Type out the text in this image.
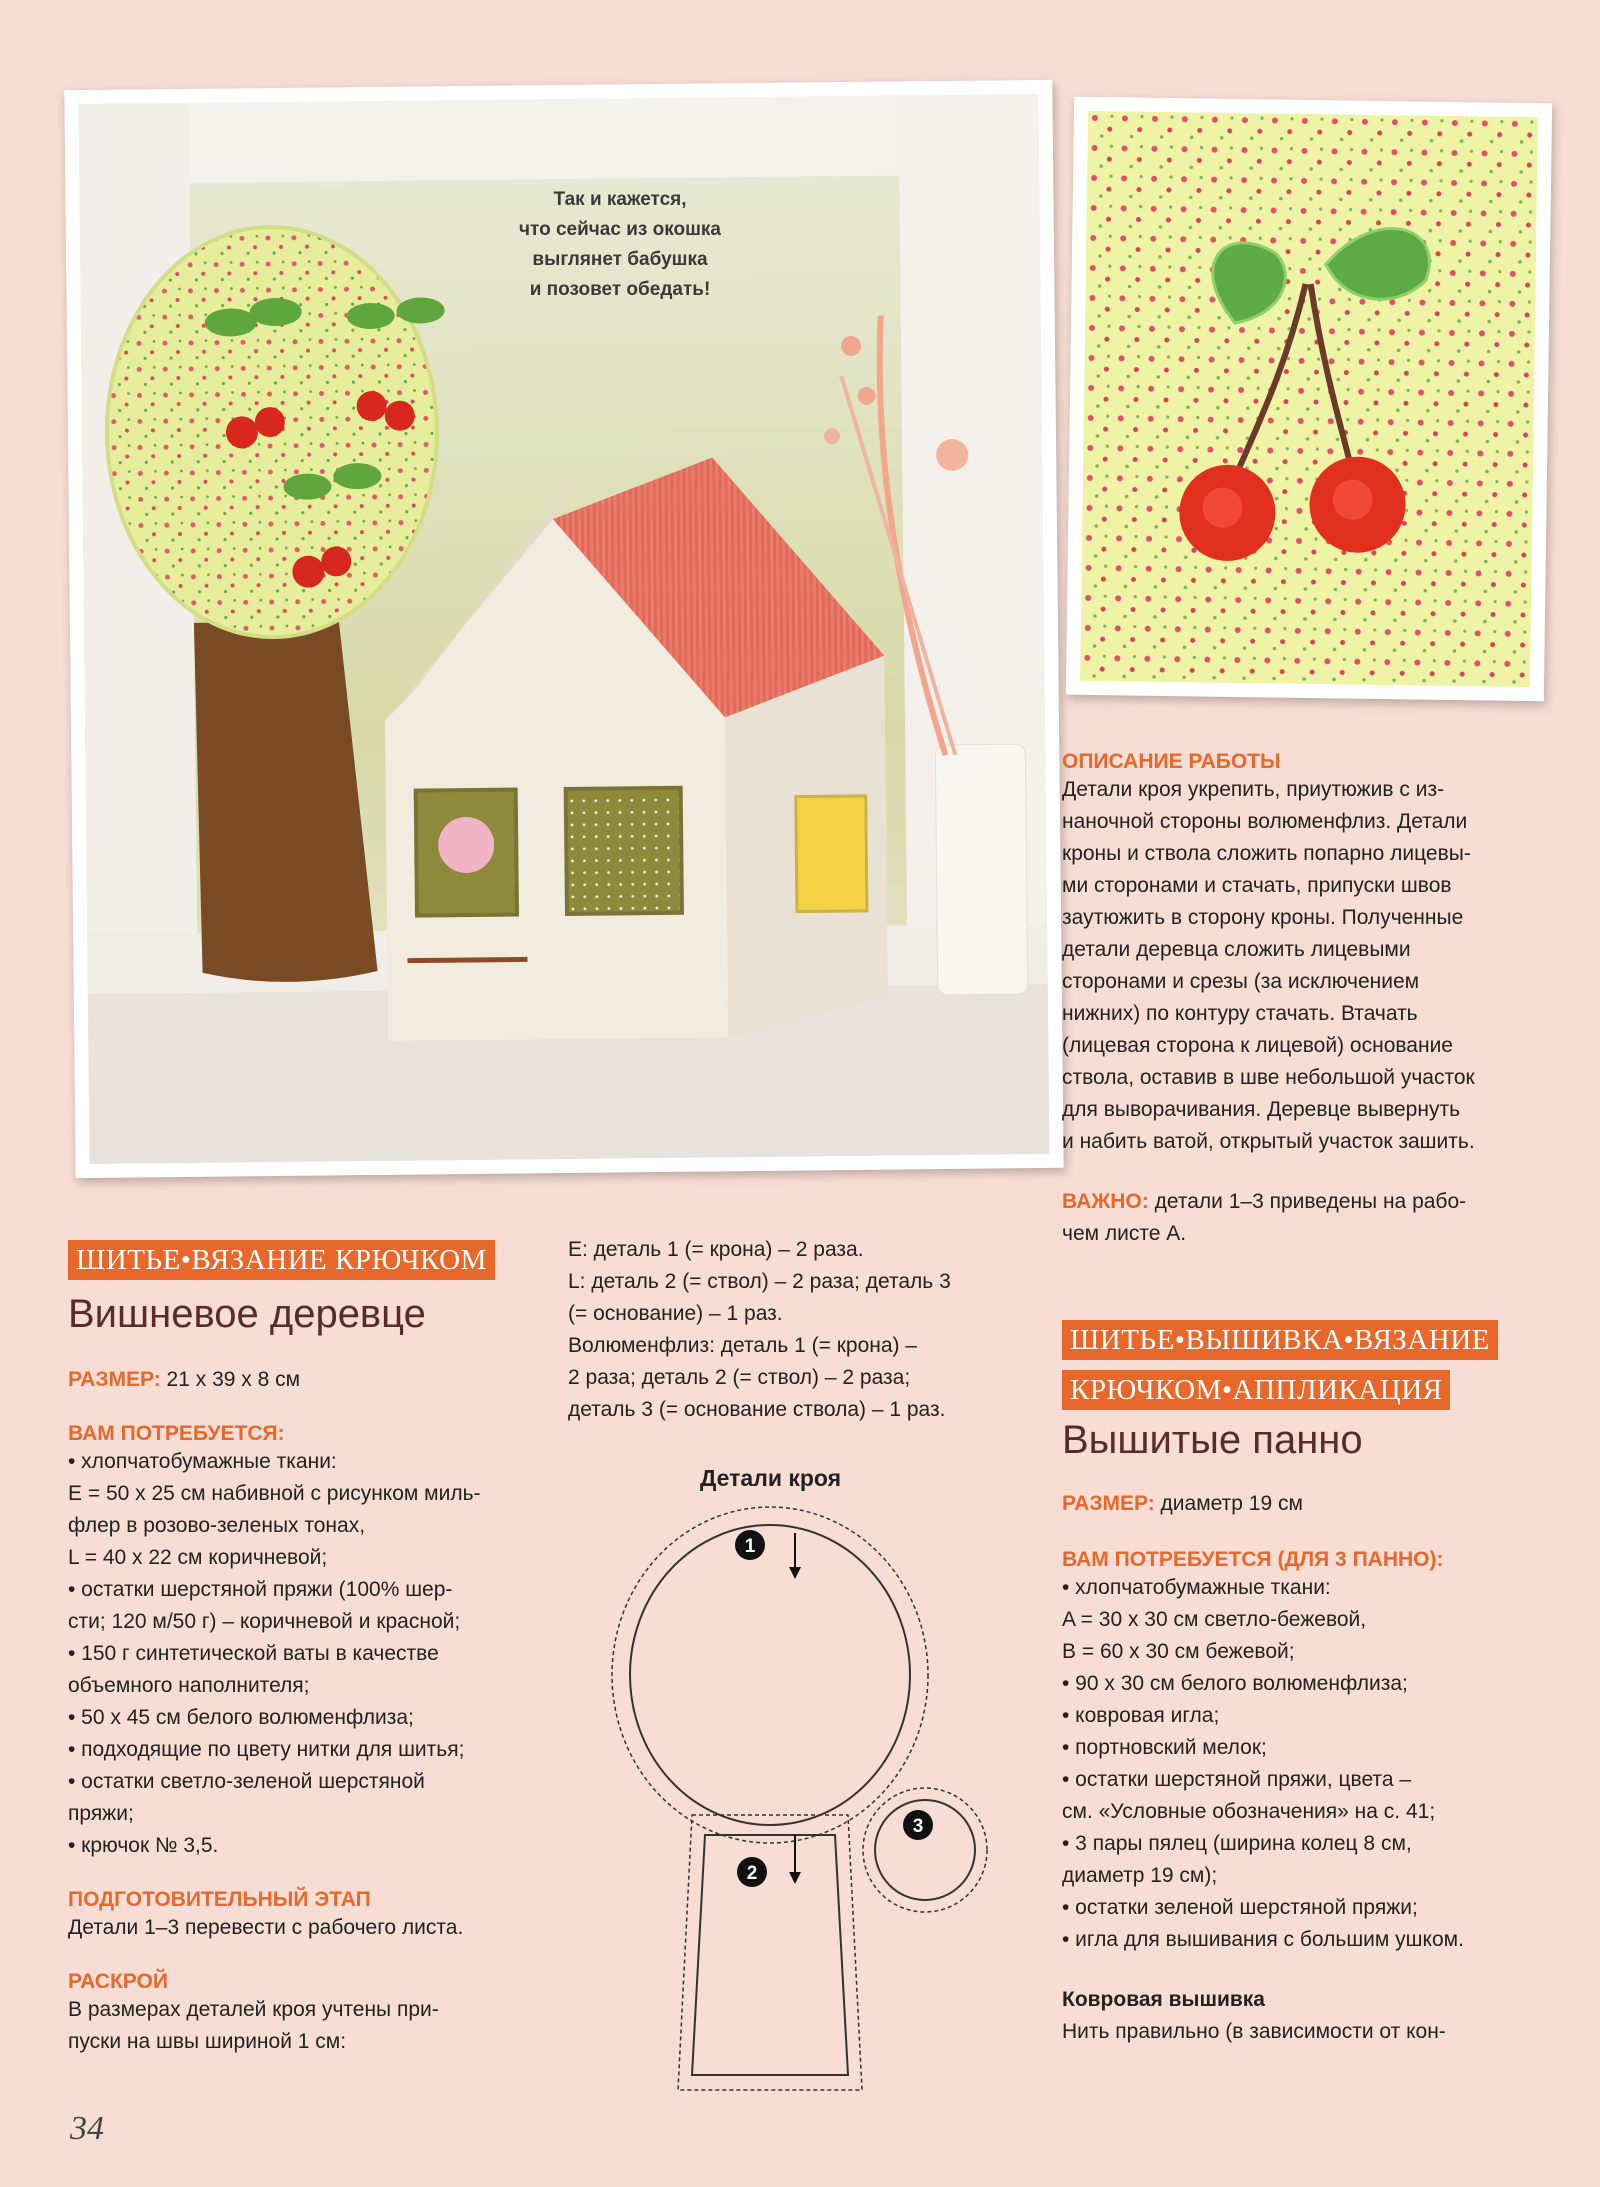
Так и кажется,
что сейчас из окошка
выглянет бабушка
и позовет обедать!
ШИТЬЕ•ВЯЗАНИЕ КРЮЧКОМ
Вишневое деревце
РАЗМЕР: 21 x 39 x 8 см
ВАМ ПОТРЕБУЕТСЯ:
• хлопчатобумажные ткани:
E = 50 x 25 см набивной с рисунком миль-
флер в розово-зеленых тонах,
L = 40 x 22 см коричневой;
• остатки шерстяной пряжи (100% шер-
сти; 120 м/50 г) – коричневой и красной;
• 150 г синтетической ваты в качестве
объемного наполнителя;
• 50 x 45 см белого волюменфлиза;
• подходящие по цвету нитки для шитья;
• остатки светло-зеленой шерстяной
пряжи;
• крючок № 3,5.
ПОДГОТОВИТЕЛЬНЫЙ ЭТАП
Детали 1–3 перевести с рабочего листа.
РАСКРОЙ
В размерах деталей кроя учтены при-
пуски на швы шириной 1 см:
34
E: деталь 1 (= крона) – 2 раза.
L: деталь 2 (= ствол) – 2 раза; деталь 3
(= основание) – 1 раз.
Волюменфлиз: деталь 1 (= крона) –
2 раза; деталь 2 (= ствол) – 2 раза;
деталь 3 (= основание ствола) – 1 раз.
Детали кроя
1
2
3
ОПИСАНИЕ РАБОТЫ
Детали кроя укрепить, приутюжив с из-
наночной стороны волюменфлиз. Детали
кроны и ствола сложить попарно лицевы-
ми сторонами и стачать, припуски швов
заутюжить в сторону кроны. Полученные
детали деревца сложить лицевыми
сторонами и срезы (за исключением
нижних) по контуру стачать. Втачать
(лицевая сторона к лицевой) основание
ствола, оставив в шве небольшой участок
для выворачивания. Деревце вывернуть
и набить ватой, открытый участок зашить.
ВАЖНО: детали 1–3 приведены на рабо-
чем листе А.
ШИТЬЕ•ВЫШИВКА•ВЯЗАНИЕ
КРЮЧКОМ•АППЛИКАЦИЯ
Вышитые панно
РАЗМЕР: диаметр 19 см
ВАМ ПОТРЕБУЕТСЯ (ДЛЯ 3 ПАННО):
• хлопчатобумажные ткани:
A = 30 x 30 см светло-бежевой,
B = 60 x 30 см бежевой;
• 90 x 30 см белого волюменфлиза;
• ковровая игла;
• портновский мелок;
• остатки шерстяной пряжи, цвета –
см. «Условные обозначения» на с. 41;
• 3 пары пялец (ширина колец 8 см,
диаметр 19 см);
• остатки зеленой шерстяной пряжи;
• игла для вышивания с большим ушком.
Ковровая вышивка
Нить правильно (в зависимости от кон-
